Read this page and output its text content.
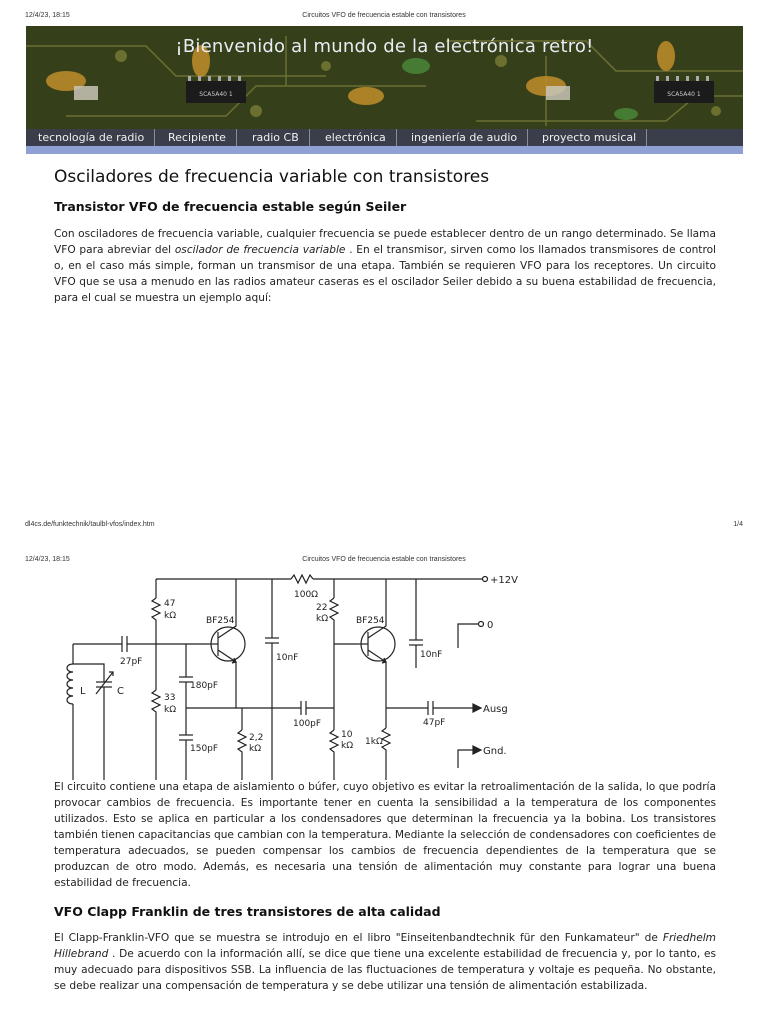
12/4/23, 18:15	Circuitos VFO de frecuencia estable con transistores
SCA5A40 1	SCA5A40 1
¡Bienvenido al mundo de la electrónica retro!
tecnología de radio	Recipiente	radio CB	electrónica	ingeniería de audio	proyecto musical
Osciladores de frecuencia variable con transistores
Transistor VFO de frecuencia estable según Seiler

Con osciladores de frecuencia variable, cualquier frecuencia se puede establecer dentro de un rango determinado. Se llama VFO para abreviar del oscilador de frecuencia variable . En el transmisor, sirven como los llamados transmisores de control o, en el caso más simple, forman un transmisor de una etapa. También se requieren VFO para los receptores. Un circuito VFO que se usa a menudo en las radios amateur caseras es el oscilador Seiler debido a su buena estabilidad de frecuencia, para el cual se muestra un ejemplo aquí:

dl4cs.de/funktechnik/taulbl-vfos/index.htm	1/4
12/4/23, 18:15	Circuitos VFO de frecuencia estable con transistores
+12V
100Ω
47
kΩ
27pF
33
kΩ
180pF
150pF
BF254
2,2
kΩ
10nF
100pF
22
kΩ
10
kΩ
BF254
1kΩ
Ausg
47pF
10nF
0
Gnd.
L	C

El circuito contiene una etapa de aislamiento o búfer, cuyo objetivo es evitar la retroalimentación de la salida, lo que podría provocar cambios de frecuencia. Es importante tener en cuenta la sensibilidad a la temperatura de los componentes utilizados. Esto se aplica en particular a los condensadores que determinan la frecuencia ya la bobina. Los transistores también tienen capacitancias que cambian con la temperatura. Mediante la selección de condensadores con coeficientes de temperatura adecuados, se pueden compensar los cambios de frecuencia dependientes de la temperatura que se produzcan de otro modo. Además, es necesaria una tensión de alimentación muy constante para lograr una buena estabilidad de frecuencia.

VFO Clapp Franklin de tres transistores de alta calidad

El Clapp-Franklin-VFO que se muestra se introdujo en el libro "Einseitenbandtechnik für den Funkamateur" de Friedhelm Hillebrand . De acuerdo con la información allí, se dice que tiene una excelente estabilidad de frecuencia y, por lo tanto, es muy adecuado para dispositivos SSB. La influencia de las fluctuaciones de temperatura y voltaje es pequeña. No obstante, se debe realizar una compensación de temperatura y se debe utilizar una tensión de alimentación estabilizada.
